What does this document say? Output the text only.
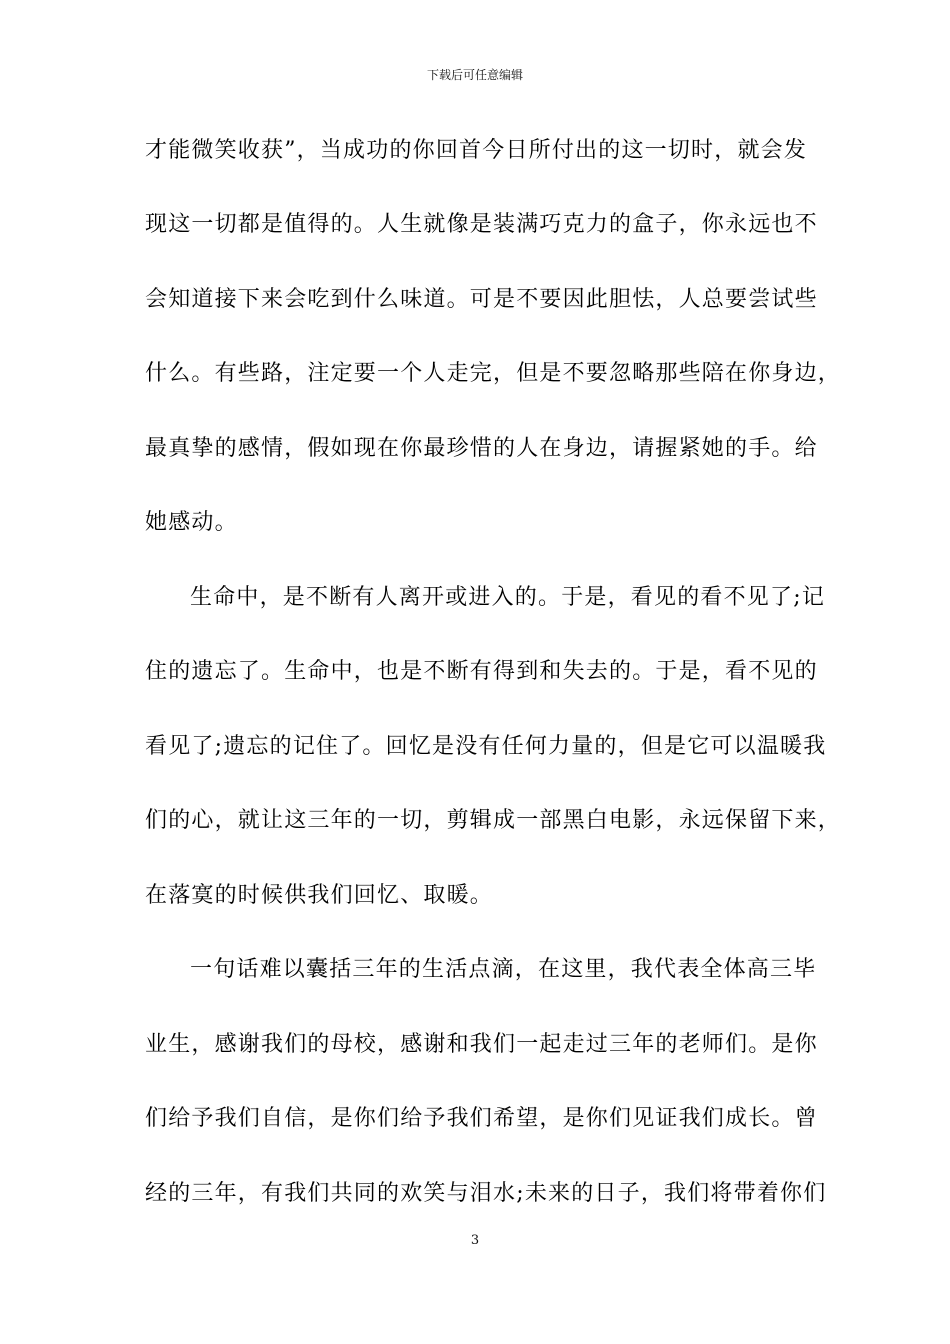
下载后可任意编辑
才能微笑收获”，当成功的你回首今日所付出的这一切时，就会发
现这一切都是值得的。人生就像是装满巧克力的盒子，你永远也不
会知道接下来会吃到什么味道。可是不要因此胆怯，人总要尝试些
什么。有些路，注定要一个人走完，但是不要忽略那些陪在你身边，
最真挚的感情，假如现在你最珍惜的人在身边，请握紧她的手。给
她感动。
生命中，是不断有人离开或进入的。于是，看见的看不见了;记
住的遗忘了。生命中，也是不断有得到和失去的。于是，看不见的
看见了;遗忘的记住了。回忆是没有任何力量的，但是它可以温暖我
们的心，就让这三年的一切，剪辑成一部黑白电影，永远保留下来，
在落寞的时候供我们回忆、取暖。
一句话难以囊括三年的生活点滴，在这里，我代表全体高三毕
业生，感谢我们的母校，感谢和我们一起走过三年的老师们。是你
们给予我们自信，是你们给予我们希望，是你们见证我们成长。曾
经的三年，有我们共同的欢笑与泪水;未来的日子，我们将带着你们
3
